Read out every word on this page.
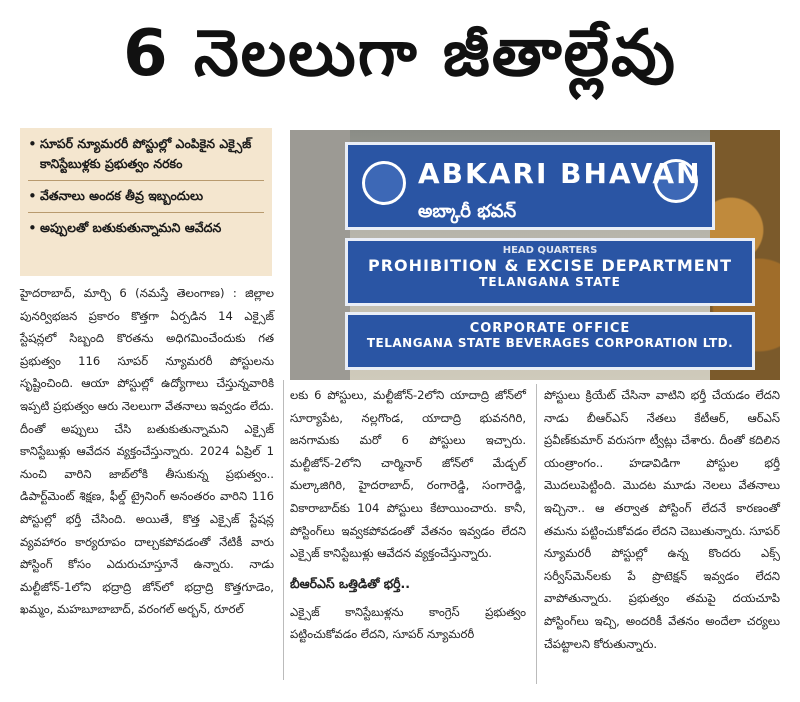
6 నెలలుగా జీతాల్లేవు
• సూపర్ న్యూమరరీ పోస్టుల్లో ఎంపికైన ఎక్సైజ్ కానిస్టేబుళ్లకు ప్రభుత్వం నరకం
• వేతనాలు అందక తీవ్ర ఇబ్బందులు
• అప్పులతో బతుకుతున్నామని ఆవేదన
ABKARI BHAVAN
అబ్కారీ భవన్
HEAD QUARTERS
PROHIBITION & EXCISE DEPARTMENT
TELANGANA STATE
CORPORATE OFFICE
TELANGANA STATE BEVERAGES CORPORATION LTD.

హైదరాబాద్, మార్చి 6 (నమస్తే తెలంగాణ) : జిల్లాల పునర్విభజన ప్రకారం కొత్తగా ఏర్పడిన 14 ఎక్సైజ్ స్టేషన్లలో సిబ్బంది కొరతను అధిగమించేందుకు గత ప్రభుత్వం 116 సూపర్ న్యూమరరీ పోస్టులను సృష్టించింది. ఆయా పోస్టుల్లో ఉద్యోగాలు చేస్తున్నవారికి ఇప్పటి ప్రభుత్వం ఆరు నెలలుగా వేతనాలు ఇవ్వడం లేదు. దీంతో అప్పులు చేసి బతుకుతున్నామని ఎక్సైజ్ కానిస్టేబుళ్లు ఆవేదన వ్యక్తంచేస్తున్నారు. 2024 ఏప్రిల్ 1 నుంచి వారిని జాబ్‌లోకి తీసుకున్న ప్రభుత్వం.. డిపార్ట్‌మెంట్ శిక్షణ, ఫీల్డ్ ట్రైనింగ్ అనంతరం వారిని 116 పోస్టుల్లో భర్తీ చేసింది. అయితే, కొత్త ఎక్సైజ్ స్టేషన్ల వ్యవహారం కార్యరూపం దాల్చకపోవడంతో నేటికీ వారు పోస్టింగ్ కోసం ఎదురుచూస్తూనే ఉన్నారు. నాడు మల్టీజోన్-1లోని భద్రాద్రి జోన్‌లో భద్రాద్రి కొత్తగూడెం, ఖమ్మం, మహబూబాబాద్, వరంగల్ అర్బన్, రూరల్

లకు 6 పోస్టులు, మల్టీజోన్-2లోని యాదాద్రి జోన్‌లో సూర్యాపేట, నల్లగొండ, యాదాద్రి భువనగిరి, జనగామకు మరో 6 పోస్టులు ఇచ్చారు. మల్టీజోన్-2లోని చార్మినార్ జోన్‌లో మేడ్చల్ మల్కాజిగిరి, హైదరాబాద్, రంగారెడ్డి, సంగారెడ్డి, వికారాబాద్‌కు 104 పోస్టులు కేటాయించారు. కానీ, పోస్టింగ్‌లు ఇవ్వకపోవడంతో వేతనం ఇవ్వడం లేదని ఎక్సైజ్ కానిస్టేబుళ్లు ఆవేదన వ్యక్తంచేస్తున్నారు.

బీఆర్ఎస్ ఒత్తిడితో భర్తీ..

ఎక్సైజ్ కానిస్టేబుళ్లను కాంగ్రెస్ ప్రభుత్వం పట్టించుకోవడం లేదని, సూపర్ న్యూమరరీ

పోస్టులు క్రియేట్ చేసినా వాటిని భర్తీ చేయడం లేదని నాడు బీఆర్ఎస్ నేతలు కేటీఆర్, ఆర్ఎస్ ప్రవీణ్‌కుమార్ వరుసగా ట్వీట్లు చేశారు. దీంతో కదిలిన యంత్రాంగం.. హడావిడిగా పోస్టుల భర్తీ మొదలుపెట్టింది. మొదట మూడు నెలలు వేతనాలు ఇచ్చినా.. ఆ తర్వాత పోస్టింగ్ లేదనే కారణంతో తమను పట్టించుకోవడం లేదని చెబుతున్నారు. సూపర్ న్యూమరరీ పోస్టుల్లో ఉన్న కొందరు ఎక్స్ సర్వీస్‌మెన్‌లకు పే ప్రొటెక్షన్ ఇవ్వడం లేదని వాపోతున్నారు. ప్రభుత్వం తమపై దయచూపి పోస్టింగ్‌లు ఇచ్చి, అందరికీ వేతనం అందేలా చర్యలు చేపట్టాలని కోరుతున్నారు.
